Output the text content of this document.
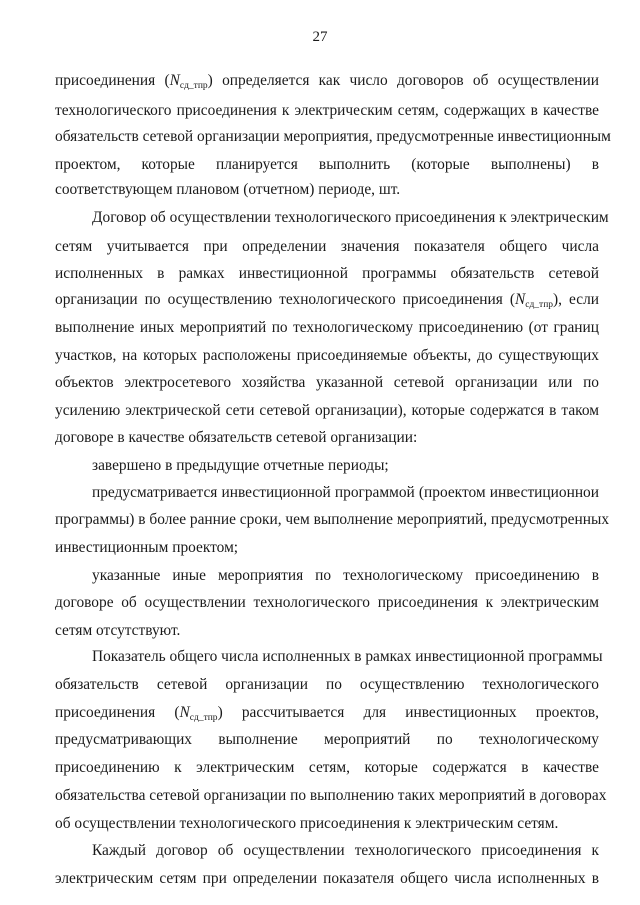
27
присоединения $(N_{сд\_тпр})$ определяется как число договоров об осуществлении
технологического присоединения к электрическим сетям, содержащих в качестве
обязательств сетевой организации мероприятия, предусмотренные инвестиционным
проектом, которые планируется выполнить (которые выполнены) в
соответствующем плановом (отчетном) периоде, шт.
Договор об осуществлении технологического присоединения к электрическим
сетям учитывается при определении значения показателя общего числа
исполненных в рамках инвестиционной программы обязательств сетевой
организации по осуществлению технологического присоединения $(N_{сд\_тпр})$, если
выполнение иных мероприятий по технологическому присоединению (от границ
участков, на которых расположены присоединяемые объекты, до существующих
объектов электросетевого хозяйства указанной сетевой организации или по
усилению электрической сети сетевой организации), которые содержатся в таком
договоре в качестве обязательств сетевой организации:
завершено в предыдущие отчетные периоды;
предусматривается инвестиционной программой (проектом инвестиционнои
программы) в более ранние сроки, чем выполнение мероприятий, предусмотренных
инвестиционным проектом;
указанные иные мероприятия по технологическому присоединению в
договоре об осуществлении технологического присоединения к электрическим
сетям отсутствуют.
Показатель общего числа исполненных в рамках инвестиционной программы
обязательств сетевой организации по осуществлению технологического
присоединения $(N_{сд\_тпр})$ рассчитывается для инвестиционных проектов,
предусматривающих выполнение мероприятий по технологическому
присоединению к электрическим сетям, которые содержатся в качестве
обязательства сетевой организации по выполнению таких мероприятий в договорах
об осуществлении технологического присоединения к электрическим сетям.
Каждый договор об осуществлении технологического присоединения к
электрическим сетям при определении показателя общего числа исполненных в
